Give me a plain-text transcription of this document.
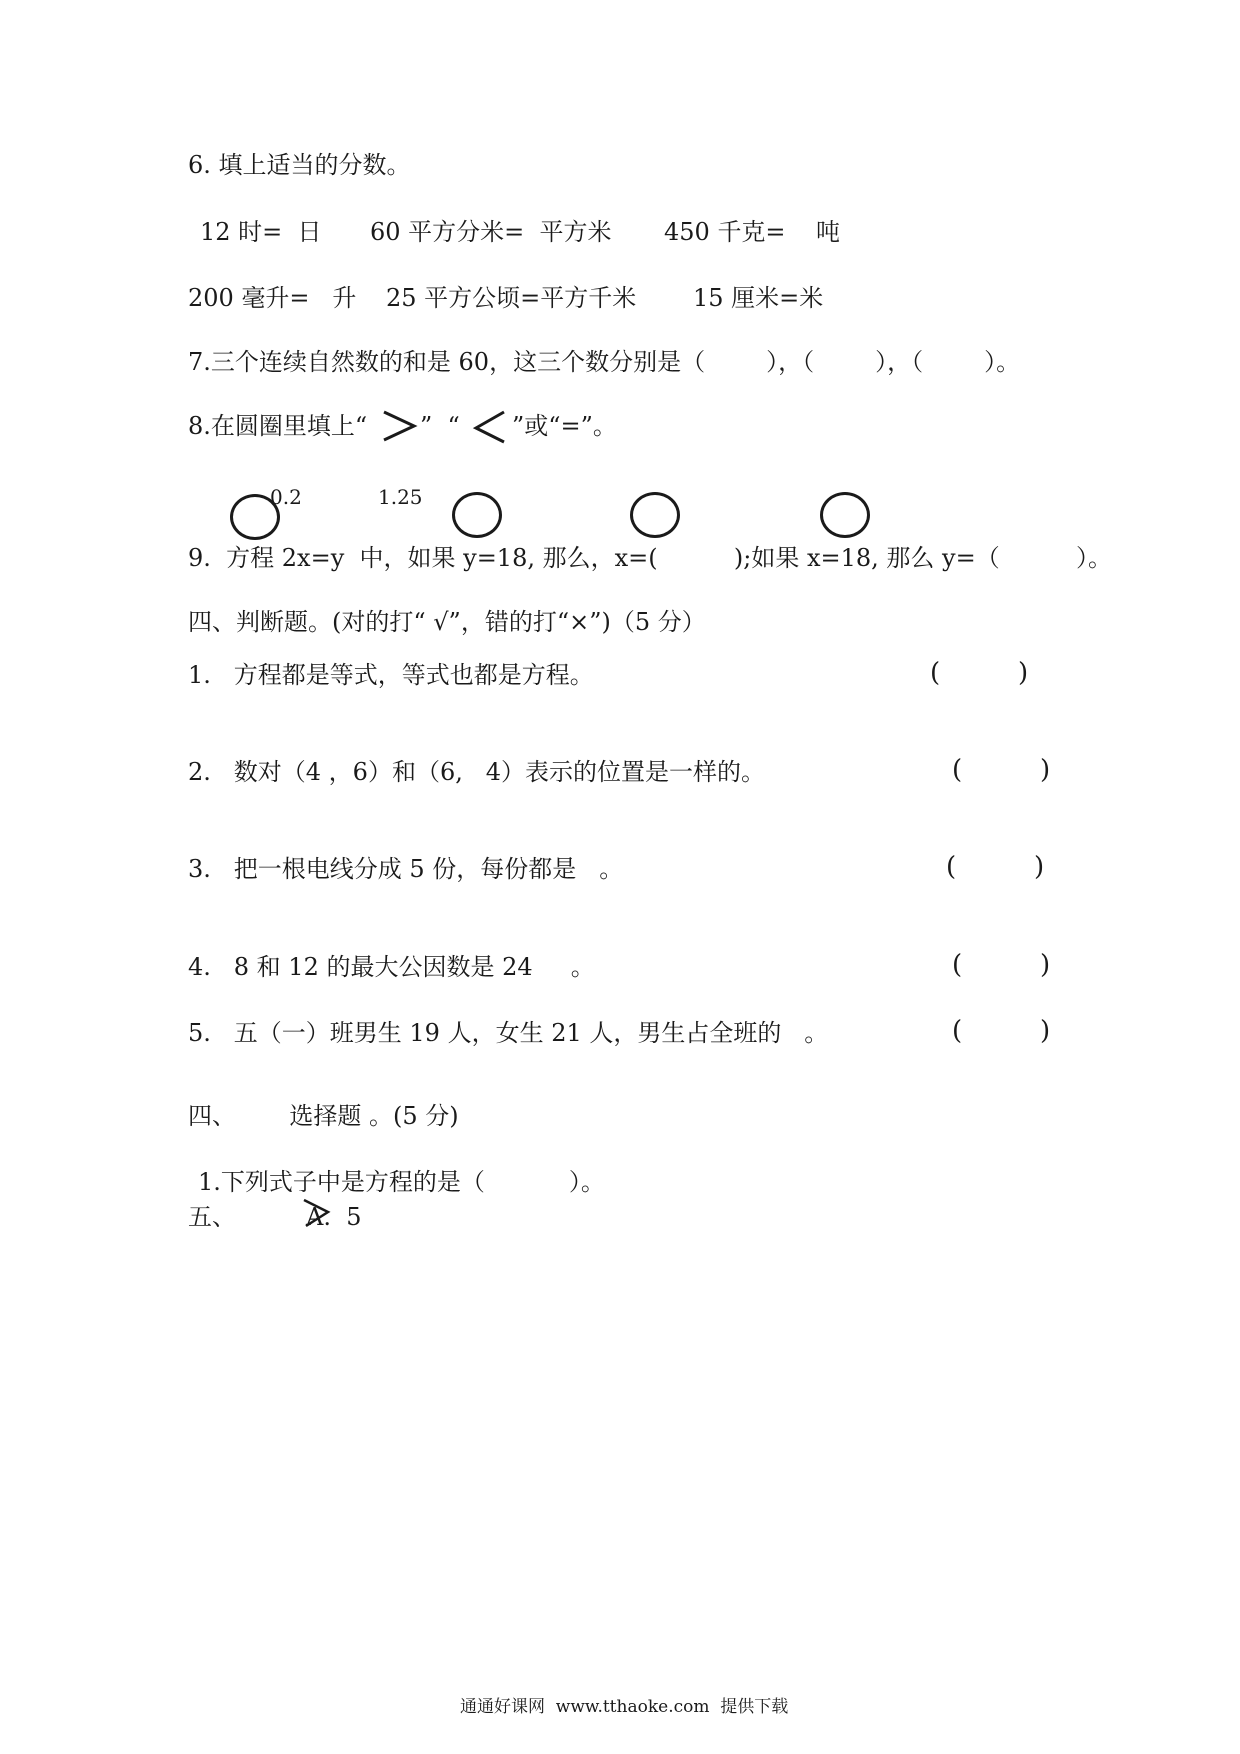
6. 填上适当的分数。
12 时=  日 60 平方分米=  平方米 450 千克=    吨
200 毫升=   升 25 平方公顷=平方千米 15 厘米=米
7.三个连续自然数的和是 60，这三个数分别是（        ），（        ），（        ）。
8.在圆圈里填上“ ”  “ ”或“=”。
0.2	1.25
9.  方程 2x=y  中，如果 y=18, 那么，x=(          );如果 x=18, 那么 y=（          ）。
四、判断题。(对的打“ √”，错的打“×”)（5 分）
1.   方程都是等式，等式也都是方程。	(	)
2.   数对（4 ，6）和（6,   4）表示的位置是一样的。	(	)
3.   把一根电线分成 5 份，每份都是   。	(	)
4.   8 和 12 的最大公因数是 24     。	(	)
5.   五（一）班男生 19 人，女生 21 人，男生占全班的   。	(	)
四、       选择题 。(5 分)
1.下列式子中是方程的是（           ）。
五、	A.  5
通通好课网  www.tthaoke.com  提供下载
